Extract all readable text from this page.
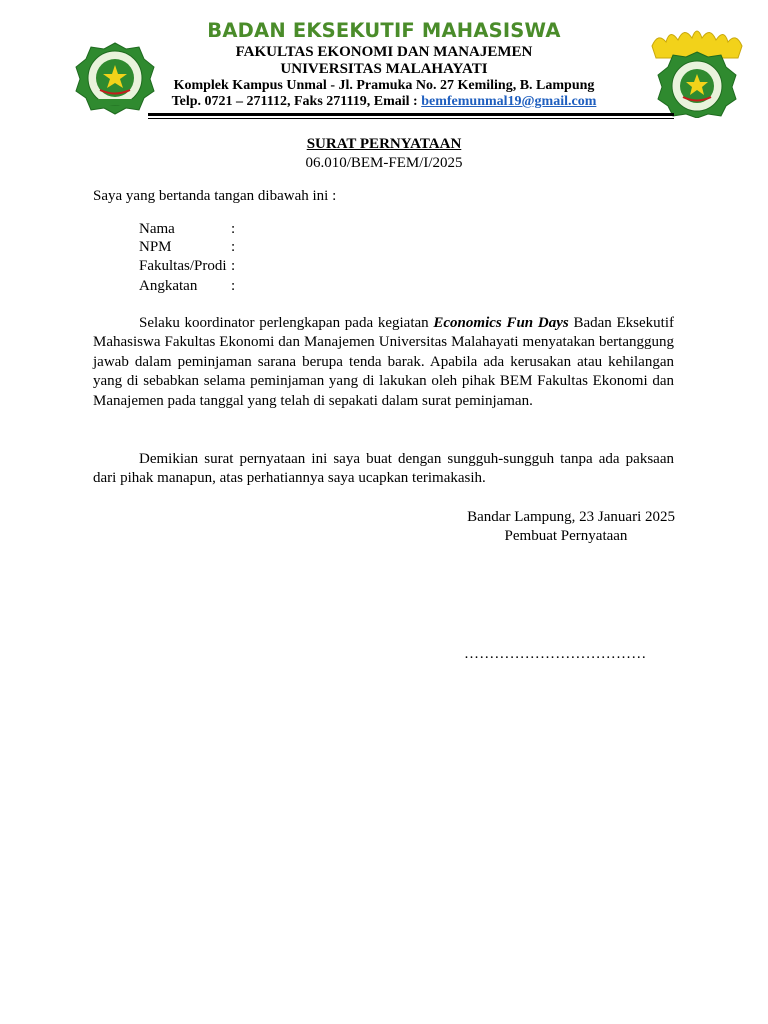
BADAN EKSEKUTIF MAHASISWA
FAKULTAS EKONOMI DAN MANAJEMEN
UNIVERSITAS MALAHAYATI
Komplek Kampus Unmal - Jl. Pramuka No. 27 Kemiling, B. Lampung
Telp. 0721 – 271112, Faks 271119, Email : bemfemunmal19@gmail.com
SURAT PERNYATAAN
06.010/BEM-FEM/I/2025
Saya yang bertanda tangan dibawah ini :
Nama	:
NPM	:
Fakultas/Prodi :
Angkatan :
Selaku koordinator perlengkapan pada kegiatan Economics Fun Days Badan Eksekutif Mahasiswa Fakultas Ekonomi dan Manajemen Universitas Malahayati menyatakan bertanggung jawab dalam peminjaman sarana berupa tenda barak. Apabila ada kerusakan atau kehilangan yang di sebabkan selama peminjaman yang di lakukan oleh pihak BEM Fakultas Ekonomi dan Manajemen pada tanggal yang telah di sepakati dalam surat peminjaman.
Demikian surat pernyataan ini saya buat dengan sungguh-sungguh tanpa ada paksaan dari pihak manapun, atas perhatiannya saya ucapkan terimakasih.
Bandar Lampung, 23 Januari 2025
Pembuat Pernyataan
………………………………
